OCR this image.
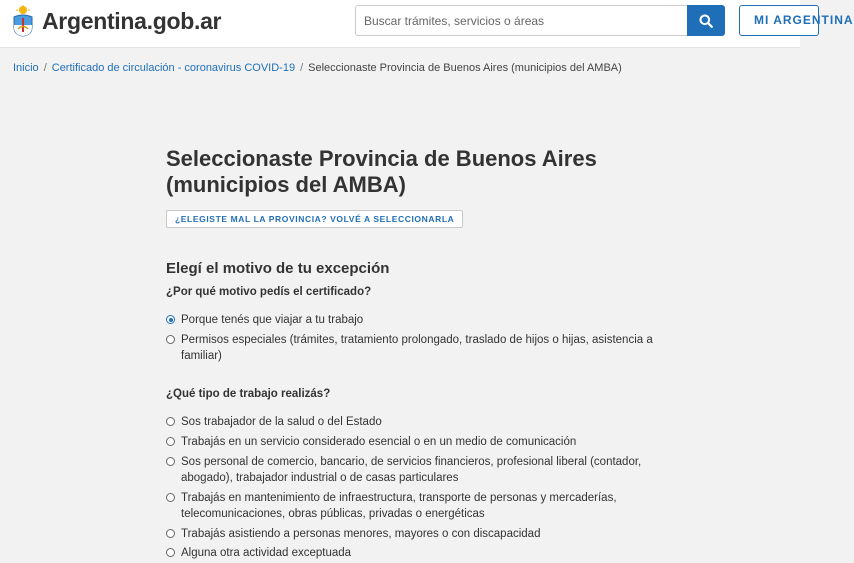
Argentina.gob.ar
Buscar trámites, servicios o áreas	MI ARGENTINA
Inicio / Certificado de circulación - coronavirus COVID-19 / Seleccionaste Provincia de Buenos Aires (municipios del AMBA)
Seleccionaste Provincia de Buenos Aires
(municipios del AMBA)
¿ELEGISTE MAL LA PROVINCIA? VOLVÉ A SELECCIONARLA
Elegí el motivo de tu excepción
¿Por qué motivo pedís el certificado?
Porque tenés que viajar a tu trabajo
Permisos especiales (trámites, tratamiento prolongado, traslado de hijos o hijas, asistencia a familiar)
¿Qué tipo de trabajo realizás?
Sos trabajador de la salud o del Estado
Trabajás en un servicio considerado esencial o en un medio de comunicación
Sos personal de comercio, bancario, de servicios financieros, profesional liberal (contador, abogado), trabajador industrial o de casas particulares
Trabajás en mantenimiento de infraestructura, transporte de personas y mercaderías, telecomunicaciones, obras públicas, privadas o energéticas
Trabajás asistiendo a personas menores, mayores o con discapacidad
Alguna otra actividad exceptuada
